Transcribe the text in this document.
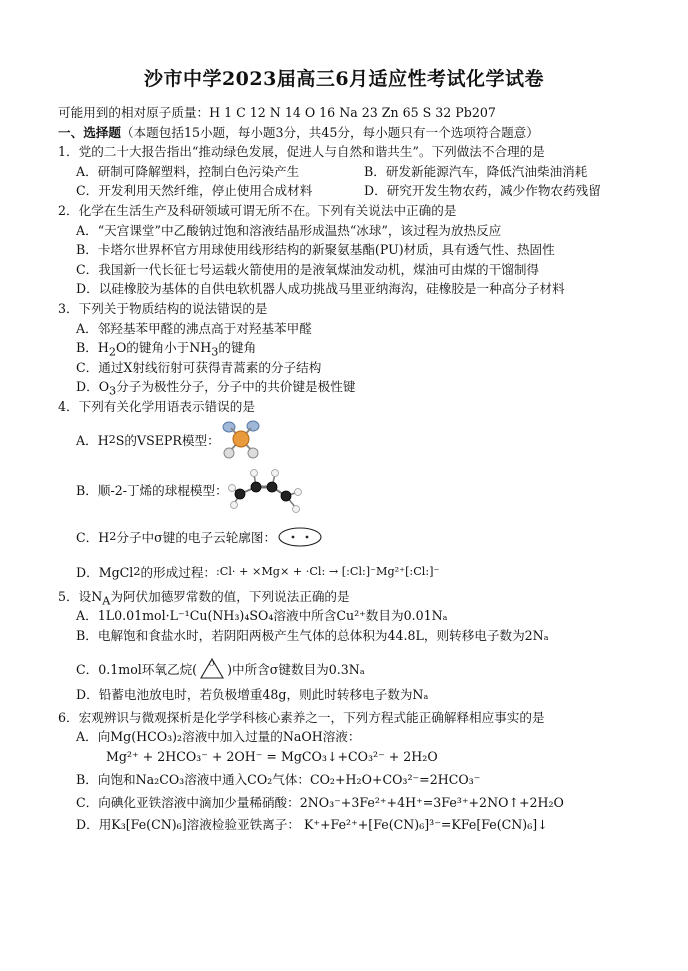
沙市中学2023届高三6月适应性考试化学试卷
可能用到的相对原子质量：H 1 C 12 N 14 O 16 Na 23 Zn 65 S 32 Pb207
一、选择题（本题包括15小题，每小题3分，共45分，每小题只有一个选项符合题意）
1．党的二十大报告指出“推动绿色发展，促进人与自然和谐共生”。下列做法不合理的是
A．研制可降解塑料，控制白色污染产生	B．研发新能源汽车，降低汽油柴油消耗
C．开发利用天然纤维，停止使用合成材料	D．研究开发生物农药，减少作物农药残留
2．化学在生活生产及科研领域可谓无所不在。下列有关说法中正确的是
A．“天宫课堂”中乙酸钠过饱和溶液结晶形成温热“冰球”，该过程为放热反应
B．卡塔尔世界杯官方用球使用线形结构的新聚氨基酯(PU)材质，具有透气性、热固性
C．我国新一代长征七号运载火箭使用的是液氧煤油发动机，煤油可由煤的干馏制得
D．以硅橡胶为基体的自供电软机器人成功挑战马里亚纳海沟，硅橡胶是一种高分子材料
3．下列关于物质结构的说法错误的是
A．邻羟基苯甲醛的沸点高于对羟基苯甲醛
B．$H_2O$的键角小于$NH_3$的键角
C．通过X射线衍射可获得青蒿素的分子结构
D．$O_3$分子为极性分子，分子中的共价键是极性键
4．下列有关化学用语表示错误的是
A．H 2 S的VSEPR模型：
B．顺-2-丁烯的球棍模型：
C．H 2 分子中σ键的电子云轮廓图：
D．MgCl 2 的形成过程： :Cl· + ×Mg× + ·Cl: → [:Cl:]⁻Mg²⁺[:Cl:]⁻
5．设$N_A$为阿伏加德罗常数的值，下列说法正确的是
A．1L0.01mol·L⁻¹Cu(NH₃)₄SO₄溶液中所含Cu²⁺数目为0.01Nₐ
B．电解饱和食盐水时，若阴阳两极产生气体的总体积为44.8L，则转移电子数为2Nₐ
C．0.1mol环氧乙烷( O )中所含σ键数目为0.3Nₐ
D．铅蓄电池放电时，若负极增重48g，则此时转移电子数为Nₐ
6．宏观辨识与微观探析是化学学科核心素养之一，下列方程式能正确解释相应事实的是
A．向Mg(HCO₃)₂溶液中加入过量的NaOH溶液：
Mg²⁺ + 2HCO₃⁻ + 2OH⁻ = MgCO₃↓+CO₃²⁻ + 2H₂O
B．向饱和Na₂CO₃溶液中通入CO₂气体：CO₂+H₂O+CO₃²⁻=2HCO₃⁻
C．向碘化亚铁溶液中滴加少量稀硝酸：2NO₃⁻+3Fe²⁺+4H⁺=3Fe³⁺+2NO↑+2H₂O
D．用K₃[Fe(CN)₆]溶液检验亚铁离子： K⁺+Fe²⁺+[Fe(CN)₆]³⁻=KFe[Fe(CN)₆]↓
